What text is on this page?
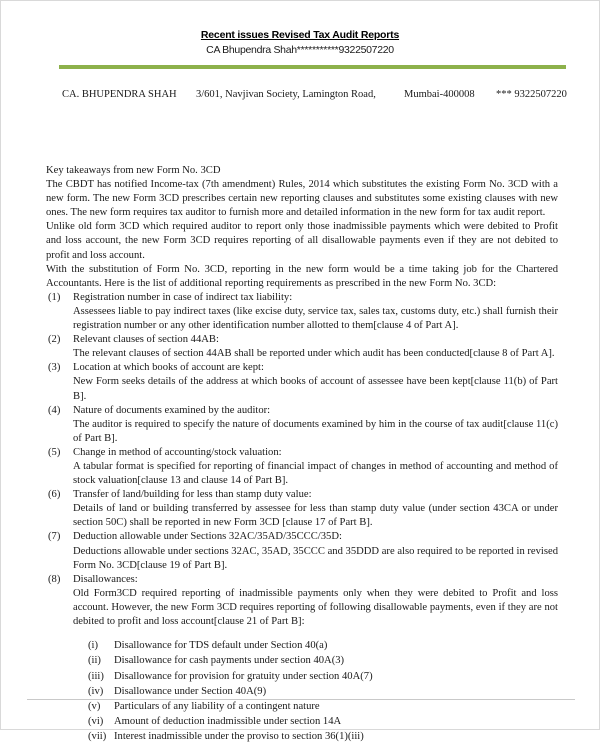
Recent issues Revised Tax Audit Reports
CA Bhupendra Shah***********9322507220
CA. BHUPENDRA SHAH 3/601, Navjivan Society, Lamington Road,	Mumbai-400008 *** 9322507220

Key takeaways from new Form No. 3CD

The CBDT has notified Income-tax (7th amendment) Rules, 2014 which substitutes the existing Form No. 3CD with a new form. The new Form 3CD prescribes certain new reporting clauses and substitutes some existing clauses with new ones. The new form requires tax auditor to furnish more and detailed information in the new form for tax audit report.

Unlike old form 3CD which required auditor to report only those inadmissible payments which were debited to Profit and loss account, the new Form 3CD requires reporting of all disallowable payments even if they are not debited to profit and loss account.

With the substitution of Form No. 3CD, reporting in the new form would be a time taking job for the Chartered Accountants. Here is the list of additional reporting requirements as prescribed in the new Form No. 3CD:

(1)	Registration number in case of indirect tax liability:

Assessees liable to pay indirect taxes (like excise duty, service tax, sales tax, customs duty, etc.) shall furnish their registration number or any other identification number allotted to them[clause 4 of Part A].

(2)	Relevant clauses of section 44AB:

The relevant clauses of section 44AB shall be reported under which audit has been conducted[clause 8 of Part A].

(3)	Location at which books of account are kept:

New Form seeks details of the address at which books of account of assessee have been kept[clause 11(b) of Part B].

(4)	Nature of documents examined by the auditor:

The auditor is required to specify the nature of documents examined by him in the course of tax audit[clause 11(c) of Part B].

(5)	Change in method of accounting/stock valuation:

A tabular format is specified for reporting of financial impact of changes in method of accounting and method of stock valuation[clause 13 and clause 14 of Part B].

(6)	Transfer of land/building for less than stamp duty value:

Details of land or building transferred by assessee for less than stamp duty value (under section 43CA or under section 50C) shall be reported in new Form 3CD [clause 17 of Part B].

(7)	Deduction allowable under Sections 32AC/35AD/35CCC/35D:

Deductions allowable under sections 32AC, 35AD, 35CCC and 35DDD are also required to be reported in revised Form No. 3CD[clause 19 of Part B].

(8)	Disallowances:

Old Form3CD required reporting of inadmissible payments only when they were debited to Profit and loss account. However, the new Form 3CD requires reporting of following disallowable payments, even if they are not debited to profit and loss account[clause 21 of Part B]:

(i)	Disallowance for TDS default under Section 40(a)
(ii)	Disallowance for cash payments under section 40A(3)
(iii) Disallowance for provision for gratuity under section 40A(7)
(iv)	Disallowance under Section 40A(9)
(v)	Particulars of any liability of a contingent nature
(vi)	Amount of deduction inadmissible under section 14A
(vii) Interest inadmissible under the proviso to section 36(1)(iii)
